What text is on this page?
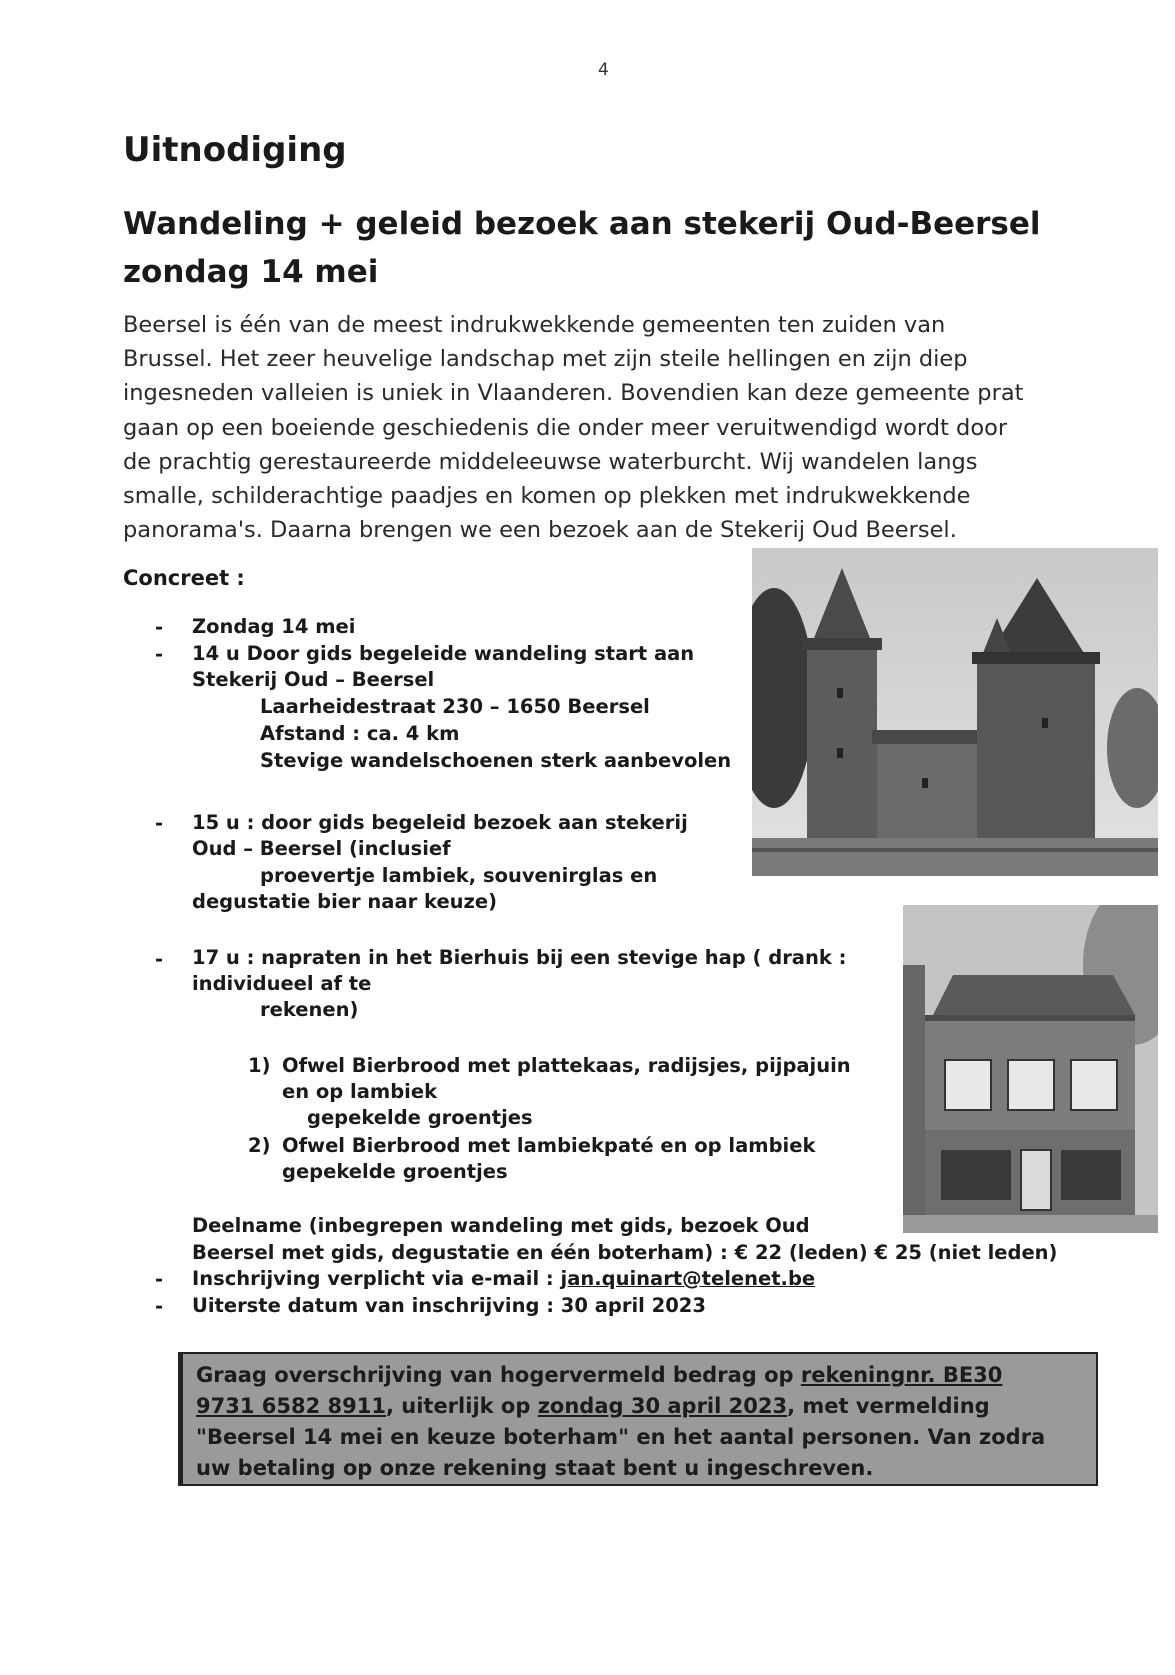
4
Uitnodiging
Wandeling + geleid bezoek aan stekerij Oud-Beersel
zondag 14 mei
Beersel is één van de meest indrukwekkende gemeenten ten zuiden van
Brussel. Het zeer heuvelige landschap met zijn steile hellingen en zijn diep
ingesneden valleien is uniek in Vlaanderen. Bovendien kan deze gemeente prat
gaan op een boeiende geschiedenis die onder meer veruitwendigd wordt door
de prachtig gerestaureerde middeleeuwse waterburcht. Wij wandelen langs
smalle, schilderachtige paadjes en komen op plekken met indrukwekkende
panorama's. Daarna brengen we een bezoek aan de Stekerij Oud Beersel.
Concreet :
- Zondag 14 mei
- 14 u Door gids begeleide wandeling start aan
Stekerij Oud – Beersel
Laarheidestraat 230 – 1650 Beersel
Afstand : ca. 4 km
Stevige wandelschoenen sterk aanbevolen
- 15 u : door gids begeleid bezoek aan stekerij
Oud – Beersel (inclusief
proevertje lambiek, souvenirglas en
degustatie bier naar keuze)
- 17 u : napraten in het Bierhuis bij een stevige hap ( drank :
individueel af te
rekenen)
1) Ofwel Bierbrood met plattekaas, radijsjes, pijpajuin
en op lambiek
gepekelde groentjes
2) Ofwel Bierbrood met lambiekpaté en op lambiek
gepekelde groentjes
Deelname (inbegrepen wandeling met gids, bezoek Oud
Beersel met gids, degustatie en één boterham) : € 22 (leden) € 25 (niet leden)
- Inschrijving verplicht via e-mail : jan.quinart@telenet.be
- Uiterste datum van inschrijving : 30 april 2023
Graag overschrijving van hogervermeld bedrag op rekeningnr. BE30
9731 6582 8911, uiterlijk op zondag 30 april 2023, met vermelding
"Beersel 14 mei en keuze boterham" en het aantal personen. Van zodra
uw betaling op onze rekening staat bent u ingeschreven.
